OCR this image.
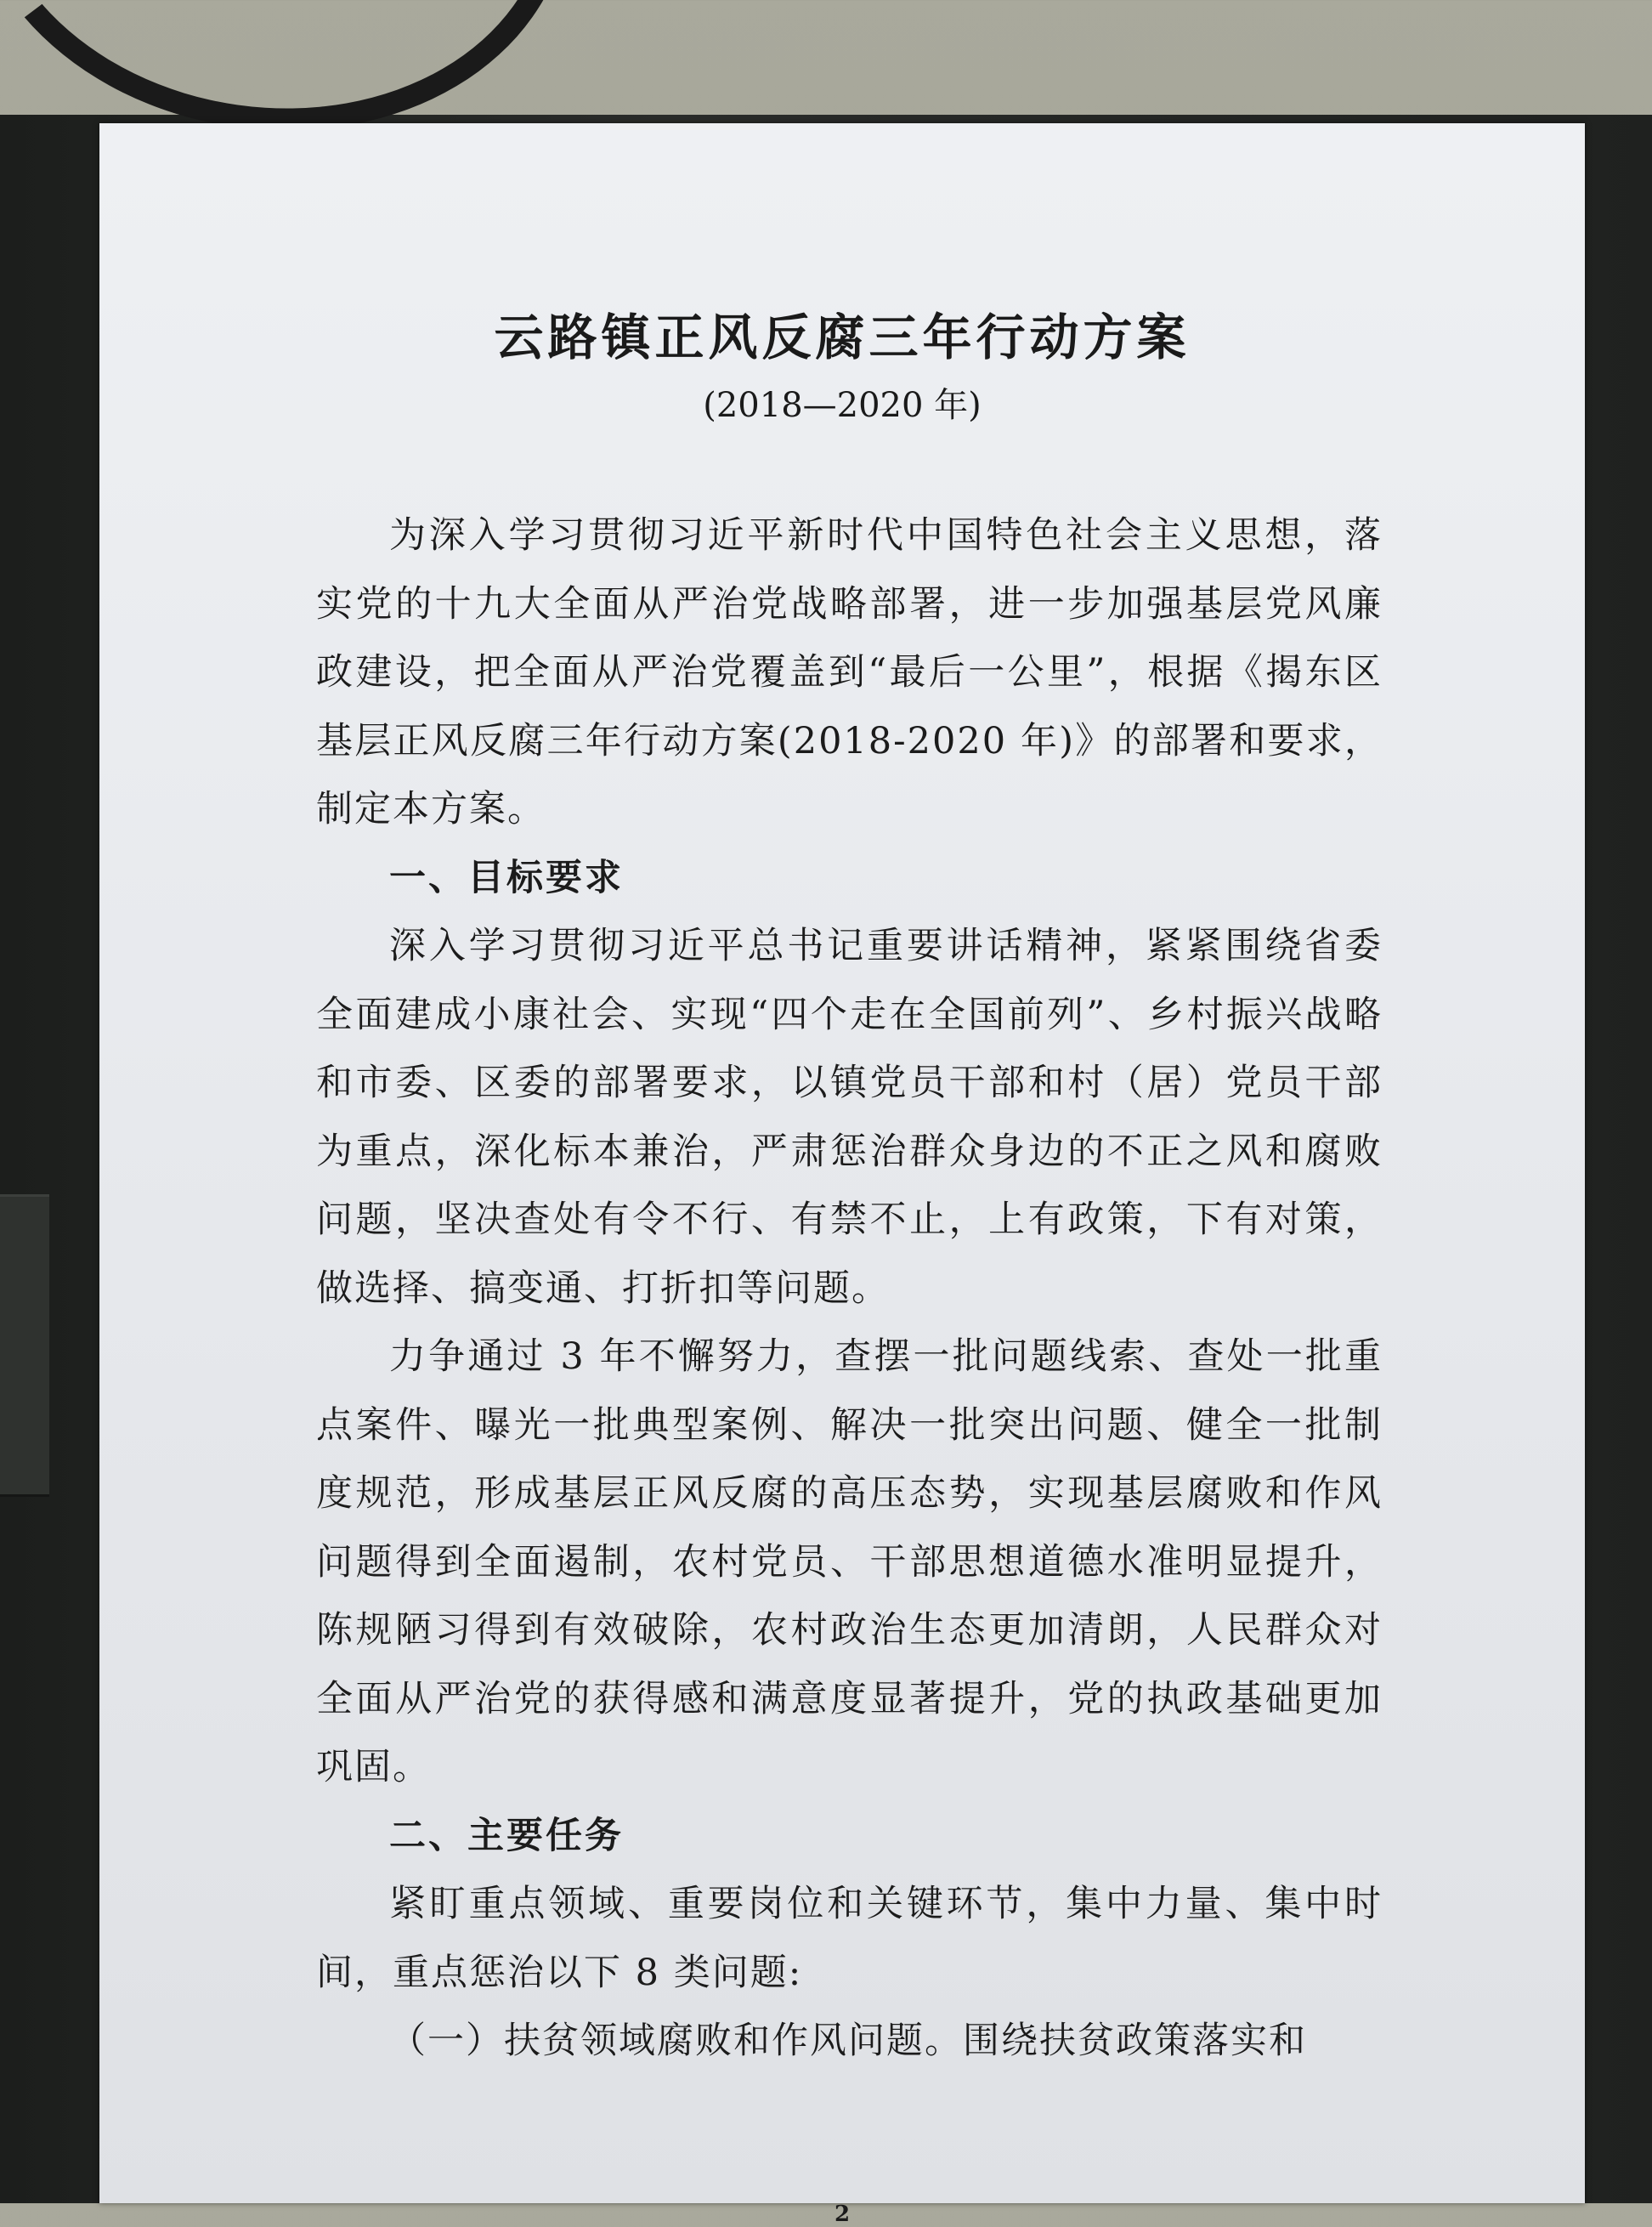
云路镇正风反腐三年行动方案
(2018—2020 年)

为深入学习贯彻习近平新时代中国特色社会主义思想，落实党的十九大全面从严治党战略部署，进一步加强基层党风廉政建设，把全面从严治党覆盖到“最后一公里”，根据《揭东区基层正风反腐三年行动方案(2018-2020 年)》的部署和要求，制定本方案。

一、目标要求

深入学习贯彻习近平总书记重要讲话精神，紧紧围绕省委全面建成小康社会、实现“四个走在全国前列”、乡村振兴战略和市委、区委的部署要求，以镇党员干部和村（居）党员干部为重点，深化标本兼治，严肃惩治群众身边的不正之风和腐败问题，坚决查处有令不行、有禁不止，上有政策，下有对策，做选择、搞变通、打折扣等问题。

力争通过 3 年不懈努力，查摆一批问题线索、查处一批重点案件、曝光一批典型案例、解决一批突出问题、健全一批制度规范，形成基层正风反腐的高压态势，实现基层腐败和作风问题得到全面遏制，农村党员、干部思想道德水准明显提升，陈规陋习得到有效破除，农村政治生态更加清朗，人民群众对全面从严治党的获得感和满意度显著提升，党的执政基础更加巩固。

二、主要任务

紧盯重点领域、重要岗位和关键环节，集中力量、集中时间，重点惩治以下 8 类问题:

（一）扶贫领域腐败和作风问题。围绕扶贫政策落实和

2
